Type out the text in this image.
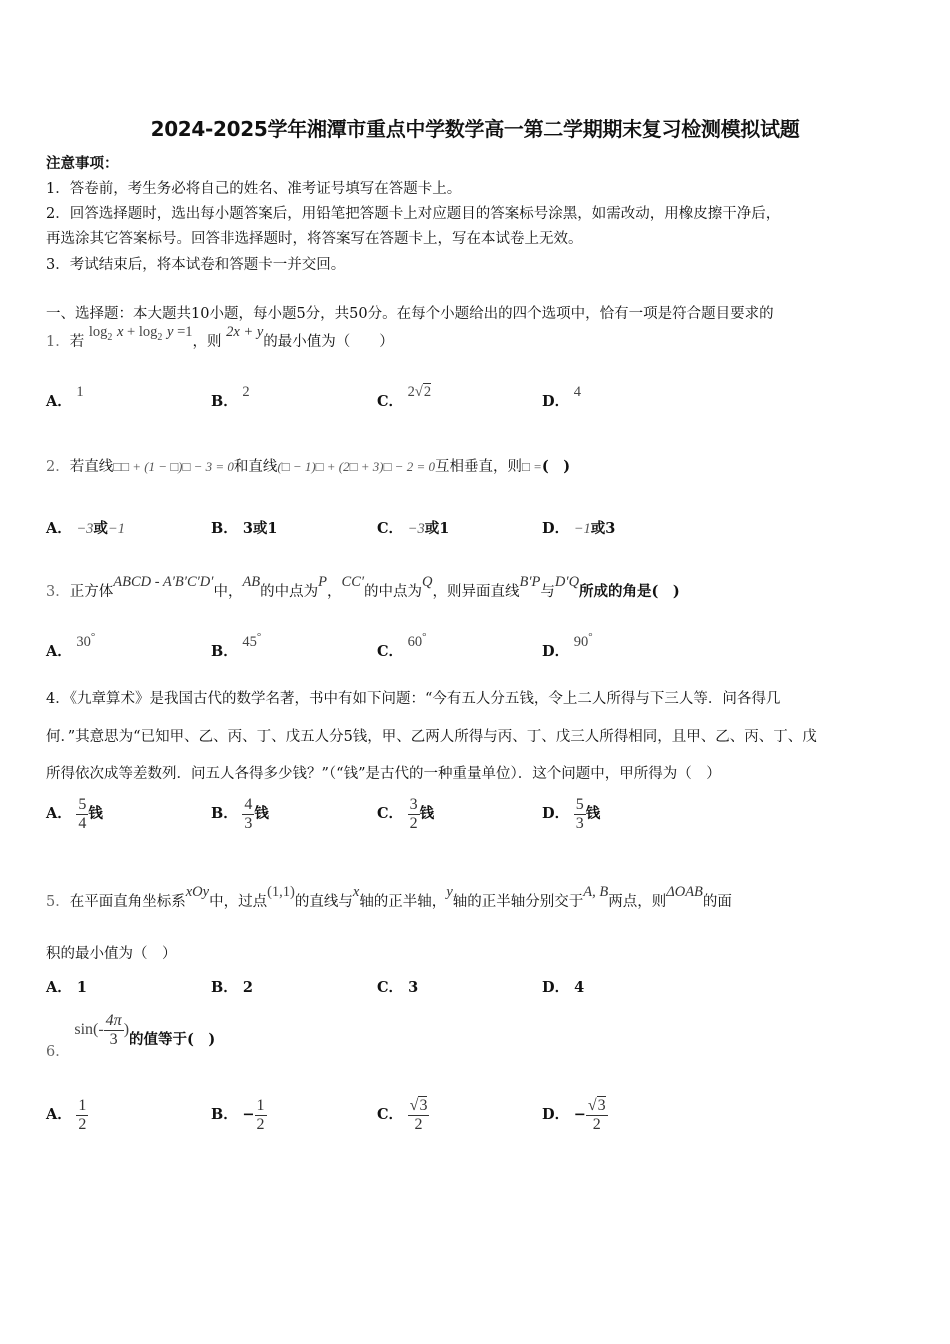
2024-2025学年湘潭市重点中学数学高一第二学期期末复习检测模拟试题
注意事项：
1．答卷前，考生务必将自己的姓名、准考证号填写在答题卡上。
2．回答选择题时，选出每小题答案后，用铅笔把答题卡上对应题目的答案标号涂黑，如需改动，用橡皮擦干净后，
再选涂其它答案标号。回答非选择题时，将答案写在答题卡上，写在本试卷上无效。
3．考试结束后，将本试卷和答题卡一并交回。
一、选择题：本大题共10小题，每小题5分，共50分。在每个小题给出的四个选项中，恰有一项是符合题目要求的
1．若 $\log_2 x + \log_2 y =1$，则 2x + y的最小值为（　　）
A． 1
B． 2
C． 2√2
D． 4
2．若直线□□ + (1 − □)□ − 3 = 0和直线(□ − 1)□ + (2□ + 3)□ − 2 = 0互相垂直，则□ =(　)
A． −3或−1	B． 3或1	C． −3或1	D． −1或3
3．正方体ABCD - A′B′C′D′中，AB的中点为P，CC′的中点为Q，则异面直线B′P与D′Q所成的角是(　)
A． 30°
B． 45°
C． 60°
D． 90°
4．《九章算术》是我国古代的数学名著，书中有如下问题：“今有五人分五钱，令上二人所得与下三人等．问各得几
何．”其意思为“已知甲、乙、丙、丁、戊五人分5钱，甲、乙两人所得与丙、丁、戊三人所得相同，且甲、乙、丙、丁、戊
所得依次成等差数列．问五人各得多少钱？”（“钱”是古代的一种重量单位）．这个问题中，甲所得为（　）
A． $\frac{5}{4}$ 钱	B． $\frac{4}{3}$ 钱	C． $\frac{3}{2}$ 钱	D． $\frac{5}{3}$ 钱
5．在平面直角坐标系xOy中，过点(1,1)的直线与x轴的正半轴，y轴的正半轴分别交于A, B两点，则ΔOAB的面
积的最小值为（　）
A． 1	B． 2	C． 3	D． 4
6． $\sin(- \frac{4\pi}{3}$ )的值等于(　)
A． $\frac{1}{2}$	B． − $\frac{1}{2}$	C． $\frac{√3}{2}$	D． − $\frac{√3}{2}$
